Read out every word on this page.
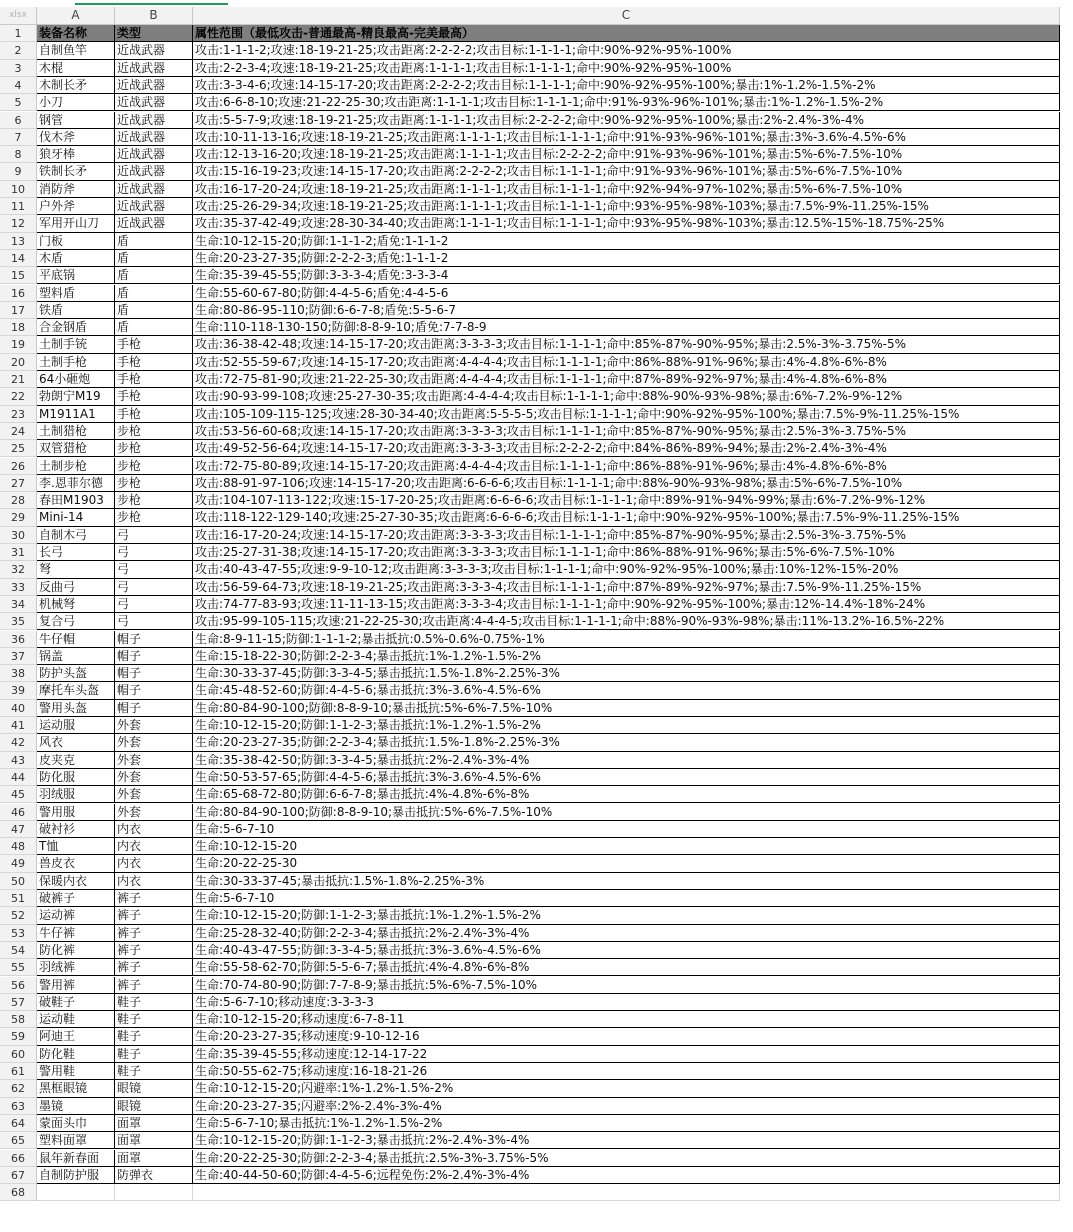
xlsx	A	B	C
1	装备名称	类型	属性范围（最低攻击-普通最高-精良最高-完美最高）
2	自制鱼竿	近战武器	攻击:1-1-1-2;攻速:18-19-21-25;攻击距离:2-2-2-2;攻击目标:1-1-1-1;命中:90%-92%-95%-100%
3	木棍	近战武器	攻击:2-2-3-4;攻速:18-19-21-25;攻击距离:1-1-1-1;攻击目标:1-1-1-1;命中:90%-92%-95%-100%
4	木制长矛	近战武器	攻击:3-3-4-6;攻速:14-15-17-20;攻击距离:2-2-2-2;攻击目标:1-1-1-1;命中:90%-92%-95%-100%;暴击:1%-1.2%-1.5%-2%
5	小刀	近战武器	攻击:6-6-8-10;攻速:21-22-25-30;攻击距离:1-1-1-1;攻击目标:1-1-1-1;命中:91%-93%-96%-101%;暴击:1%-1.2%-1.5%-2%
6	钢管	近战武器	攻击:5-5-7-9;攻速:18-19-21-25;攻击距离:1-1-1-1;攻击目标:2-2-2-2;命中:90%-92%-95%-100%;暴击:2%-2.4%-3%-4%
7	伐木斧	近战武器	攻击:10-11-13-16;攻速:18-19-21-25;攻击距离:1-1-1-1;攻击目标:1-1-1-1;命中:91%-93%-96%-101%;暴击:3%-3.6%-4.5%-6%
8	狼牙棒	近战武器	攻击:12-13-16-20;攻速:18-19-21-25;攻击距离:1-1-1-1;攻击目标:2-2-2-2;命中:91%-93%-96%-101%;暴击:5%-6%-7.5%-10%
9	铁制长矛	近战武器	攻击:15-16-19-23;攻速:14-15-17-20;攻击距离:2-2-2-2;攻击目标:1-1-1-1;命中:91%-93%-96%-101%;暴击:5%-6%-7.5%-10%
10	消防斧	近战武器	攻击:16-17-20-24;攻速:18-19-21-25;攻击距离:1-1-1-1;攻击目标:1-1-1-1;命中:92%-94%-97%-102%;暴击:5%-6%-7.5%-10%
11	户外斧	近战武器	攻击:25-26-29-34;攻速:18-19-21-25;攻击距离:1-1-1-1;攻击目标:1-1-1-1;命中:93%-95%-98%-103%;暴击:7.5%-9%-11.25%-15%
12	军用开山刀	近战武器	攻击:35-37-42-49;攻速:28-30-34-40;攻击距离:1-1-1-1;攻击目标:1-1-1-1;命中:93%-95%-98%-103%;暴击:12.5%-15%-18.75%-25%
13	门板	盾	生命:10-12-15-20;防御:1-1-1-2;盾免:1-1-1-2
14	木盾	盾	生命:20-23-27-35;防御:2-2-2-3;盾免:1-1-1-2
15	平底锅	盾	生命:35-39-45-55;防御:3-3-3-4;盾免:3-3-3-4
16	塑料盾	盾	生命:55-60-67-80;防御:4-4-5-6;盾免:4-4-5-6
17	铁盾	盾	生命:80-86-95-110;防御:6-6-7-8;盾免:5-5-6-7
18	合金钢盾	盾	生命:110-118-130-150;防御:8-8-9-10;盾免:7-7-8-9
19	土制手铳	手枪	攻击:36-38-42-48;攻速:14-15-17-20;攻击距离:3-3-3-3;攻击目标:1-1-1-1;命中:85%-87%-90%-95%;暴击:2.5%-3%-3.75%-5%
20	土制手枪	手枪	攻击:52-55-59-67;攻速:14-15-17-20;攻击距离:4-4-4-4;攻击目标:1-1-1-1;命中:86%-88%-91%-96%;暴击:4%-4.8%-6%-8%
21	64小砸炮	手枪	攻击:72-75-81-90;攻速:21-22-25-30;攻击距离:4-4-4-4;攻击目标:1-1-1-1;命中:87%-89%-92%-97%;暴击:4%-4.8%-6%-8%
22	勃朗宁M19	手枪	攻击:90-93-99-108;攻速:25-27-30-35;攻击距离:4-4-4-4;攻击目标:1-1-1-1;命中:88%-90%-93%-98%;暴击:6%-7.2%-9%-12%
23	M1911A1	手枪	攻击:105-109-115-125;攻速:28-30-34-40;攻击距离:5-5-5-5;攻击目标:1-1-1-1;命中:90%-92%-95%-100%;暴击:7.5%-9%-11.25%-15%
24	土制猎枪	步枪	攻击:53-56-60-68;攻速:14-15-17-20;攻击距离:3-3-3-3;攻击目标:1-1-1-1;命中:85%-87%-90%-95%;暴击:2.5%-3%-3.75%-5%
25	双管猎枪	步枪	攻击:49-52-56-64;攻速:14-15-17-20;攻击距离:3-3-3-3;攻击目标:2-2-2-2;命中:84%-86%-89%-94%;暴击:2%-2.4%-3%-4%
26	土制步枪	步枪	攻击:72-75-80-89;攻速:14-15-17-20;攻击距离:4-4-4-4;攻击目标:1-1-1-1;命中:86%-88%-91%-96%;暴击:4%-4.8%-6%-8%
27	李.恩菲尔德	步枪	攻击:88-91-97-106;攻速:14-15-17-20;攻击距离:6-6-6-6;攻击目标:1-1-1-1;命中:88%-90%-93%-98%;暴击:5%-6%-7.5%-10%
28	春田M1903	步枪	攻击:104-107-113-122;攻速:15-17-20-25;攻击距离:6-6-6-6;攻击目标:1-1-1-1;命中:89%-91%-94%-99%;暴击:6%-7.2%-9%-12%
29	Mini-14	步枪	攻击:118-122-129-140;攻速:25-27-30-35;攻击距离:6-6-6-6;攻击目标:1-1-1-1;命中:90%-92%-95%-100%;暴击:7.5%-9%-11.25%-15%
30	自制木弓	弓	攻击:16-17-20-24;攻速:14-15-17-20;攻击距离:3-3-3-3;攻击目标:1-1-1-1;命中:85%-87%-90%-95%;暴击:2.5%-3%-3.75%-5%
31	长弓	弓	攻击:25-27-31-38;攻速:14-15-17-20;攻击距离:3-3-3-3;攻击目标:1-1-1-1;命中:86%-88%-91%-96%;暴击:5%-6%-7.5%-10%
32	弩	弓	攻击:40-43-47-55;攻速:9-9-10-12;攻击距离:3-3-3-3;攻击目标:1-1-1-1;命中:90%-92%-95%-100%;暴击:10%-12%-15%-20%
33	反曲弓	弓	攻击:56-59-64-73;攻速:18-19-21-25;攻击距离:3-3-3-4;攻击目标:1-1-1-1;命中:87%-89%-92%-97%;暴击:7.5%-9%-11.25%-15%
34	机械弩	弓	攻击:74-77-83-93;攻速:11-11-13-15;攻击距离:3-3-3-4;攻击目标:1-1-1-1;命中:90%-92%-95%-100%;暴击:12%-14.4%-18%-24%
35	复合弓	弓	攻击:95-99-105-115;攻速:21-22-25-30;攻击距离:4-4-4-5;攻击目标:1-1-1-1;命中:88%-90%-93%-98%;暴击:11%-13.2%-16.5%-22%
36	牛仔帽	帽子	生命:8-9-11-15;防御:1-1-1-2;暴击抵抗:0.5%-0.6%-0.75%-1%
37	锅盖	帽子	生命:15-18-22-30;防御:2-2-3-4;暴击抵抗:1%-1.2%-1.5%-2%
38	防护头盔	帽子	生命:30-33-37-45;防御:3-3-4-5;暴击抵抗:1.5%-1.8%-2.25%-3%
39	摩托车头盔	帽子	生命:45-48-52-60;防御:4-4-5-6;暴击抵抗:3%-3.6%-4.5%-6%
40	警用头盔	帽子	生命:80-84-90-100;防御:8-8-9-10;暴击抵抗:5%-6%-7.5%-10%
41	运动服	外套	生命:10-12-15-20;防御:1-1-2-3;暴击抵抗:1%-1.2%-1.5%-2%
42	风衣	外套	生命:20-23-27-35;防御:2-2-3-4;暴击抵抗:1.5%-1.8%-2.25%-3%
43	皮夹克	外套	生命:35-38-42-50;防御:3-3-4-5;暴击抵抗:2%-2.4%-3%-4%
44	防化服	外套	生命:50-53-57-65;防御:4-4-5-6;暴击抵抗:3%-3.6%-4.5%-6%
45	羽绒服	外套	生命:65-68-72-80;防御:6-6-7-8;暴击抵抗:4%-4.8%-6%-8%
46	警用服	外套	生命:80-84-90-100;防御:8-8-9-10;暴击抵抗:5%-6%-7.5%-10%
47	破衬衫	内衣	生命:5-6-7-10
48	T恤	内衣	生命:10-12-15-20
49	兽皮衣	内衣	生命:20-22-25-30
50	保暖内衣	内衣	生命:30-33-37-45;暴击抵抗:1.5%-1.8%-2.25%-3%
51	破裤子	裤子	生命:5-6-7-10
52	运动裤	裤子	生命:10-12-15-20;防御:1-1-2-3;暴击抵抗:1%-1.2%-1.5%-2%
53	牛仔裤	裤子	生命:25-28-32-40;防御:2-2-3-4;暴击抵抗:2%-2.4%-3%-4%
54	防化裤	裤子	生命:40-43-47-55;防御:3-3-4-5;暴击抵抗:3%-3.6%-4.5%-6%
55	羽绒裤	裤子	生命:55-58-62-70;防御:5-5-6-7;暴击抵抗:4%-4.8%-6%-8%
56	警用裤	裤子	生命:70-74-80-90;防御:7-7-8-9;暴击抵抗:5%-6%-7.5%-10%
57	破鞋子	鞋子	生命:5-6-7-10;移动速度:3-3-3-3
58	运动鞋	鞋子	生命:10-12-15-20;移动速度:6-7-8-11
59	阿迪王	鞋子	生命:20-23-27-35;移动速度:9-10-12-16
60	防化鞋	鞋子	生命:35-39-45-55;移动速度:12-14-17-22
61	警用鞋	鞋子	生命:50-55-62-75;移动速度:16-18-21-26
62	黑框眼镜	眼镜	生命:10-12-15-20;闪避率:1%-1.2%-1.5%-2%
63	墨镜	眼镜	生命:20-23-27-35;闪避率:2%-2.4%-3%-4%
64	蒙面头巾	面罩	生命:5-6-7-10;暴击抵抗:1%-1.2%-1.5%-2%
65	塑料面罩	面罩	生命:10-12-15-20;防御:1-1-2-3;暴击抵抗:2%-2.4%-3%-4%
66	鼠年新春面	面罩	生命:20-22-25-30;防御:2-2-3-4;暴击抵抗:2.5%-3%-3.75%-5%
67	自制防护服	防弹衣	生命:40-44-50-60;防御:4-4-5-6;远程免伤:2%-2.4%-3%-4%
68
